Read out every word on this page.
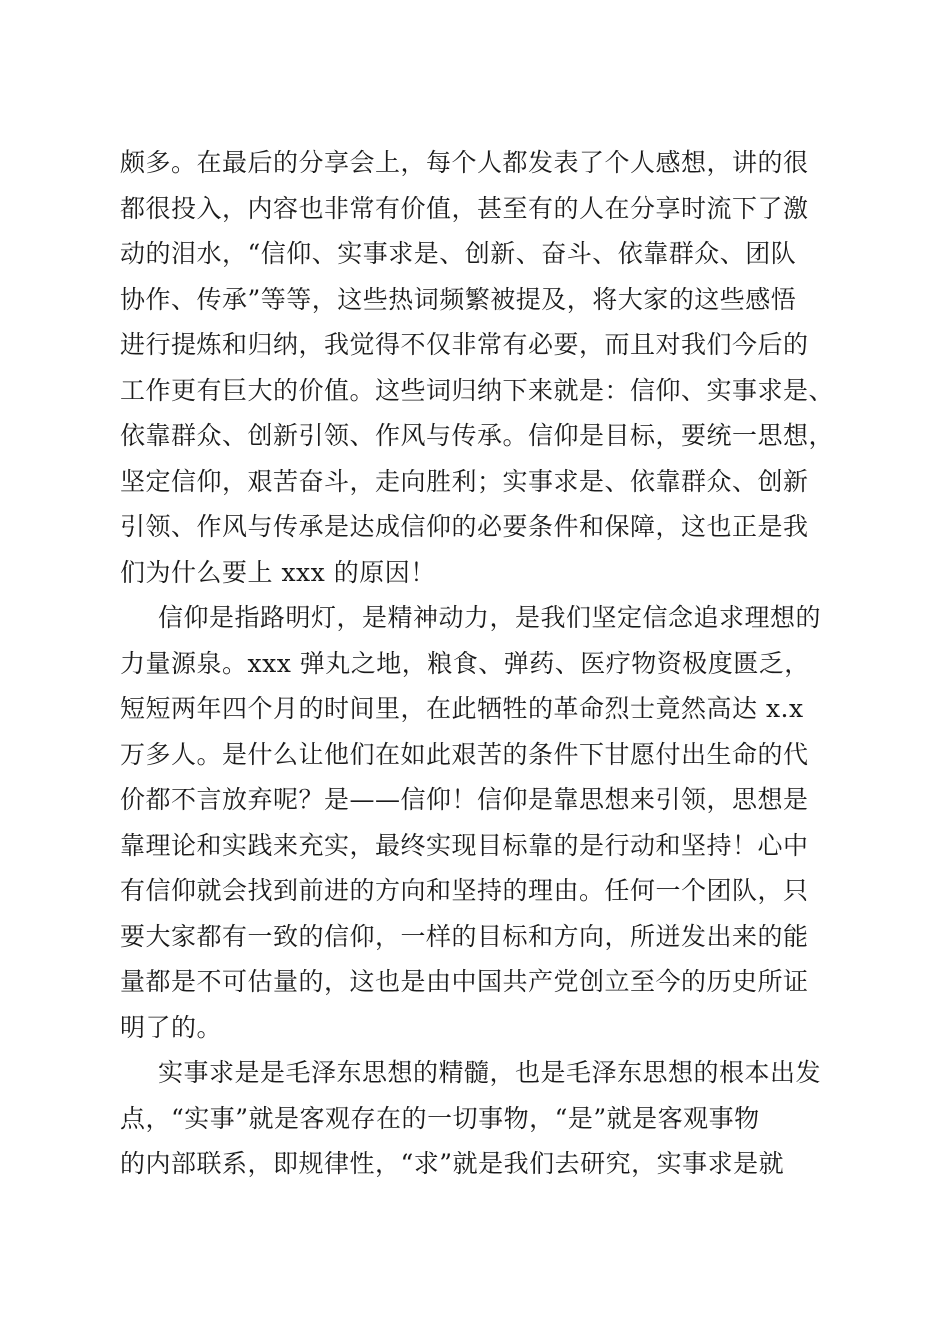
颇多。在最后的分享会上，每个人都发表了个人感想，讲的很
都很投入，内容也非常有价值，甚至有的人在分享时流下了激
动的泪水，“信仰、实事求是、创新、奋斗、依靠群众、团队
协作、传承”等等，这些热词频繁被提及，将大家的这些感悟
进行提炼和归纳，我觉得不仅非常有必要，而且对我们今后的
工作更有巨大的价值。这些词归纳下来就是：信仰、实事求是、
依靠群众、创新引领、作风与传承。信仰是目标，要统一思想，
坚定信仰，艰苦奋斗，走向胜利；实事求是、依靠群众、创新
引领、作风与传承是达成信仰的必要条件和保障，这也正是我
们为什么要上 xxx 的原因！
信仰是指路明灯，是精神动力，是我们坚定信念追求理想的
力量源泉。xxx 弹丸之地，粮食、弹药、医疗物资极度匮乏，
短短两年四个月的时间里，在此牺牲的革命烈士竟然高达 x.x
万多人。是什么让他们在如此艰苦的条件下甘愿付出生命的代
价都不言放弃呢？是——信仰！信仰是靠思想来引领，思想是
靠理论和实践来充实，最终实现目标靠的是行动和坚持！心中
有信仰就会找到前进的方向和坚持的理由。任何一个团队，只
要大家都有一致的信仰，一样的目标和方向，所迸发出来的能
量都是不可估量的，这也是由中国共产党创立至今的历史所证
明了的。
实事求是是毛泽东思想的精髓，也是毛泽东思想的根本出发
点，“实事”就是客观存在的一切事物，“是”就是客观事物
的内部联系，即规律性，“求”就是我们去研究，实事求是就
